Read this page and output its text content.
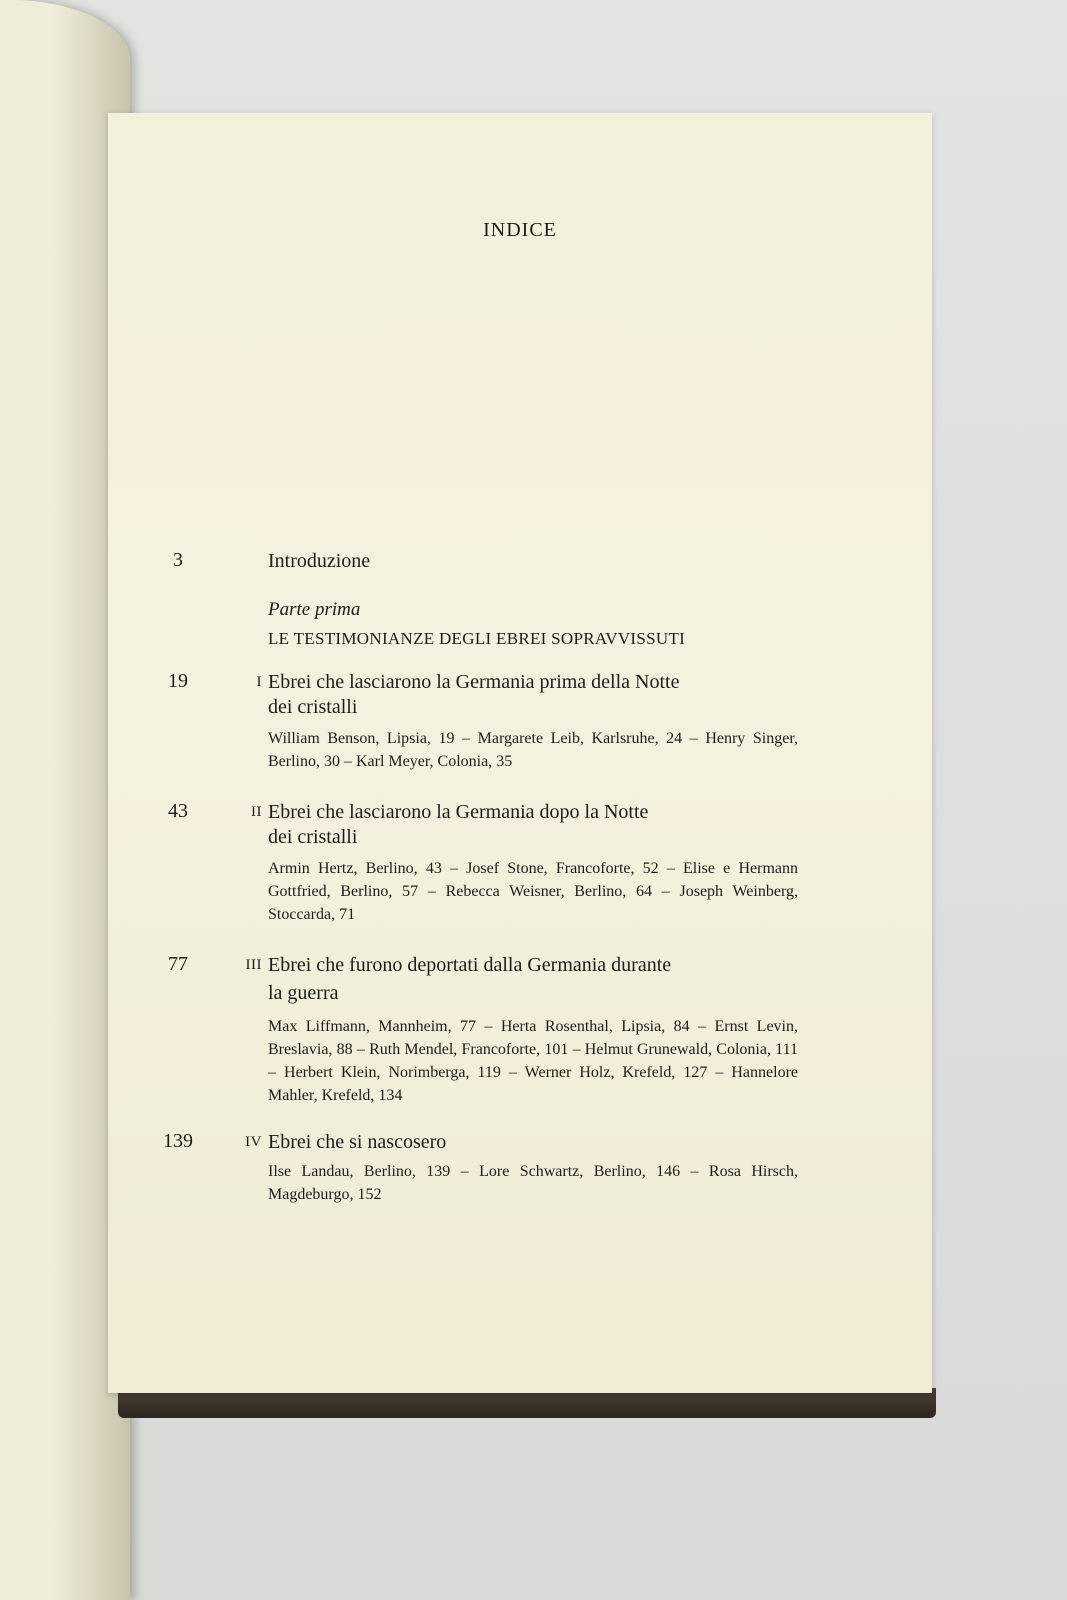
INDICE
3	Introduzione
Parte prima
LE TESTIMONIANZE DEGLI EBREI SOPRAVVISSUTI
19	I Ebrei che lasciarono la Germania prima della Notte
dei cristalli
William Benson, Lipsia, 19 – Margarete Leib, Karlsruhe, 24 – Henry Singer, Berlino, 30 – Karl Meyer, Colonia, 35
43	II Ebrei che lasciarono la Germania dopo la Notte
dei cristalli
Armin Hertz, Berlino, 43 – Josef Stone, Francoforte, 52 – Elise e Hermann Gottfried, Berlino, 57 – Rebecca Weisner, Berlino, 64 – Joseph Weinberg, Stoccarda, 71
77	III Ebrei che furono deportati dalla Germania durante
la guerra
Max Liffmann, Mannheim, 77 – Herta Rosenthal, Lipsia, 84 – Ernst Levin, Breslavia, 88 – Ruth Mendel, Francoforte, 101 – Helmut Grunewald, Colonia, 111 – Herbert Klein, Norimberga, 119 – Werner Holz, Krefeld, 127 – Hannelore Mahler, Krefeld, 134
139	IV Ebrei che si nascosero
Ilse Landau, Berlino, 139 – Lore Schwartz, Berlino, 146 – Rosa Hirsch, Magdeburgo, 152
